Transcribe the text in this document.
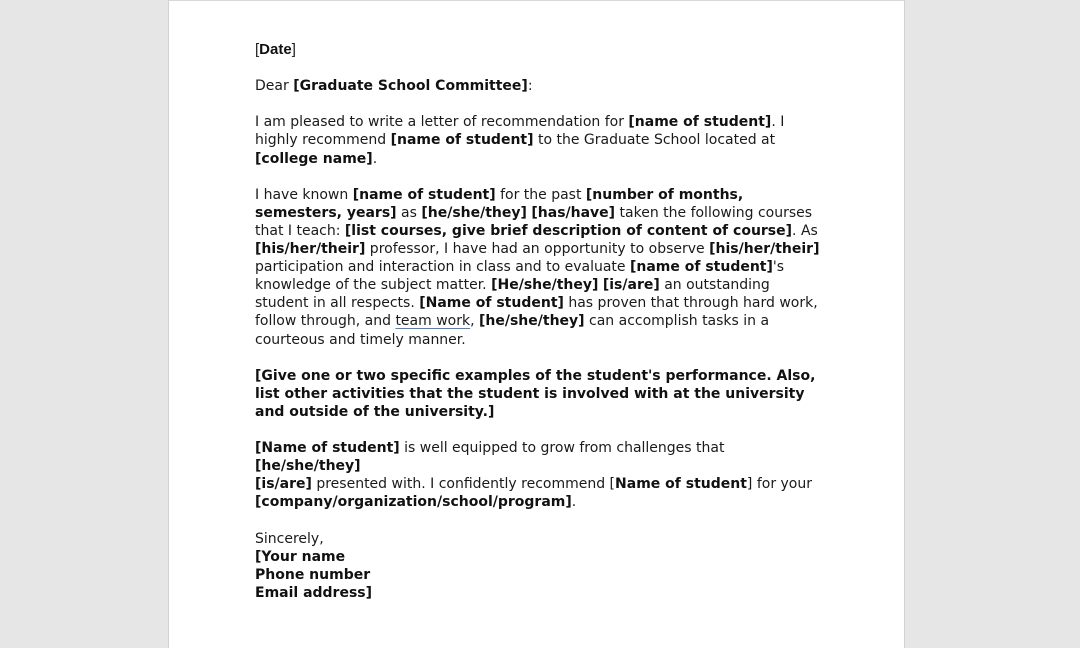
[Date]

Dear [Graduate School Committee]:

I am pleased to write a letter of recommendation for [name of student]. I highly recommend [name of student] to the Graduate School located at [college name].

I have known [name of student] for the past [number of months, semesters, years] as [he/she/they] [has/have] taken the following courses that I teach: [list courses, give brief description of content of course]. As [his/her/their] professor, I have had an opportunity to observe [his/her/their] participation and interaction in class and to evaluate [name of student]'s knowledge of the subject matter. [He/she/they] [is/are] an outstanding student in all respects. [Name of student] has proven that through hard work, follow through, and team work, [he/she/they] can accomplish tasks in a courteous and timely manner.

[Give one or two specific examples of the student's performance. Also, list other activities that the student is involved with at the university and outside of the university.]

[Name of student] is well equipped to grow from challenges that [he/she/they]
[is/are] presented with. I confidently recommend [Name of student] for your [company/organization/school/program].

Sincerely,

[Your name

Phone number

Email address]
